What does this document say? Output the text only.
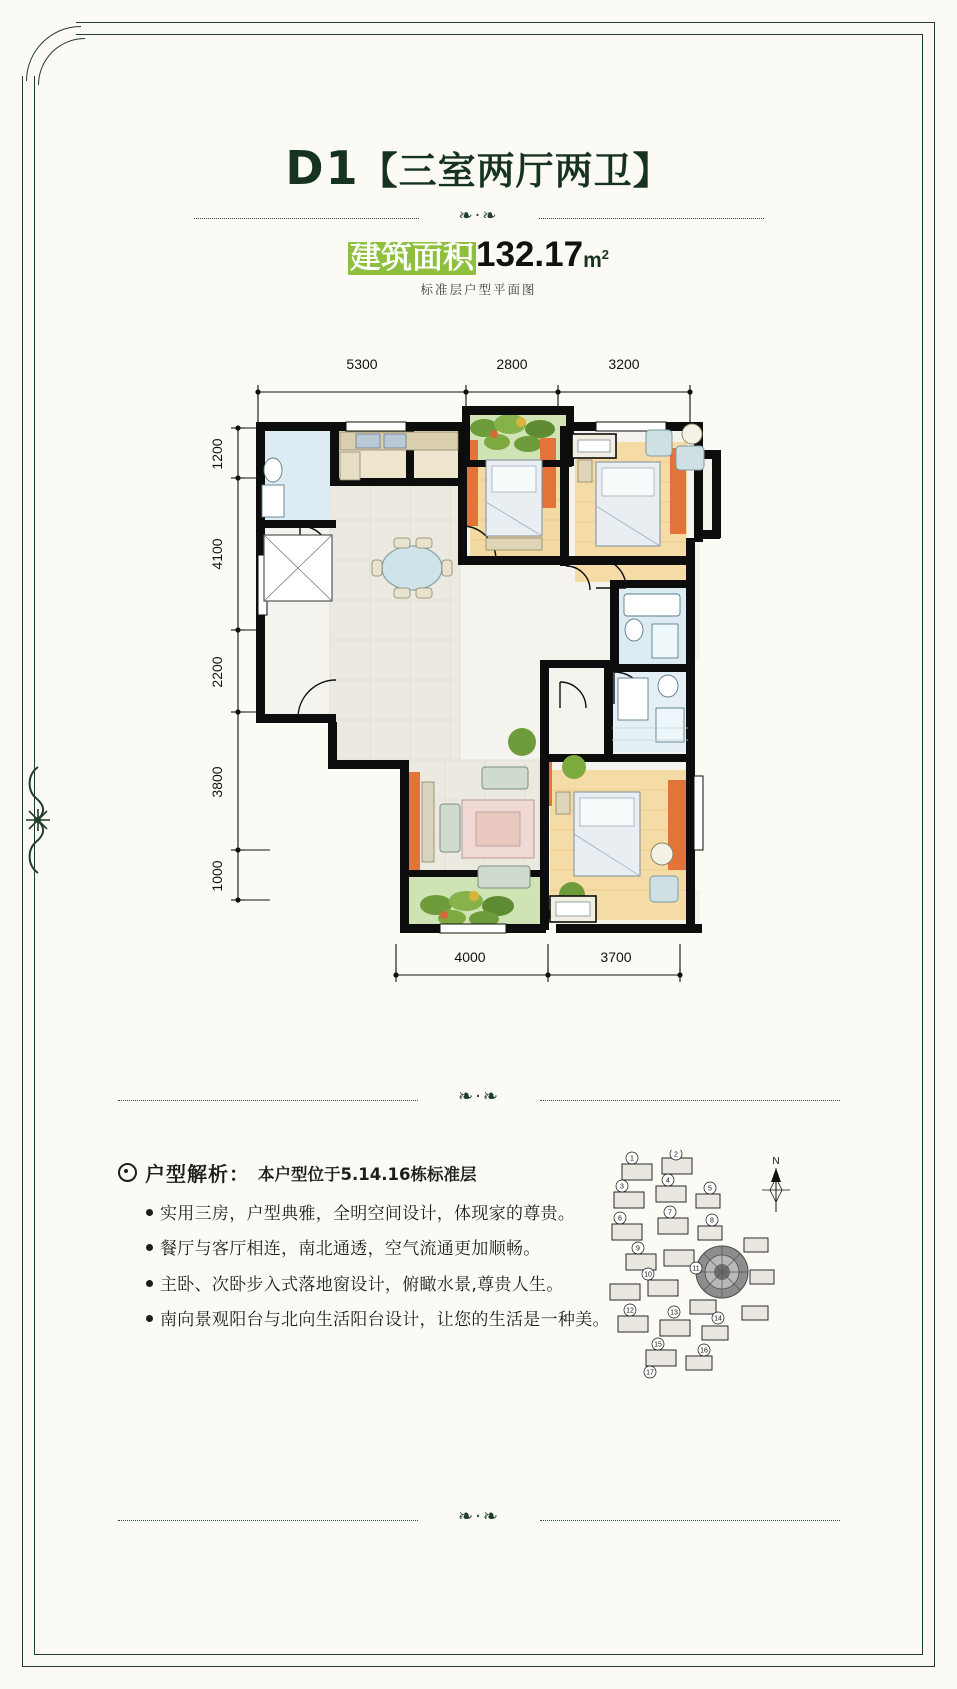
D1【三室两厅两卫】
❧·❧
建筑面积 132.17 $m^2$
标准层户型平面图
5300	2800	3200
1200
4100
2200
3800
1000
4000	3700
❧·❧
户型解析： 本户型位于5.14.16栋标准层
实用三房，户型典雅，全明空间设计，体现家的尊贵。
餐厅与客厅相连，南北通透，空气流通更加顺畅。
主卧、次卧步入式落地窗设计，俯瞰水景,尊贵人生。
南向景观阳台与北向生活阳台设计，让您的生活是一种美。
N
1
2
3
4
5
6
7
8
9
10
11
12	13
14
15
16
17
❧·❧
